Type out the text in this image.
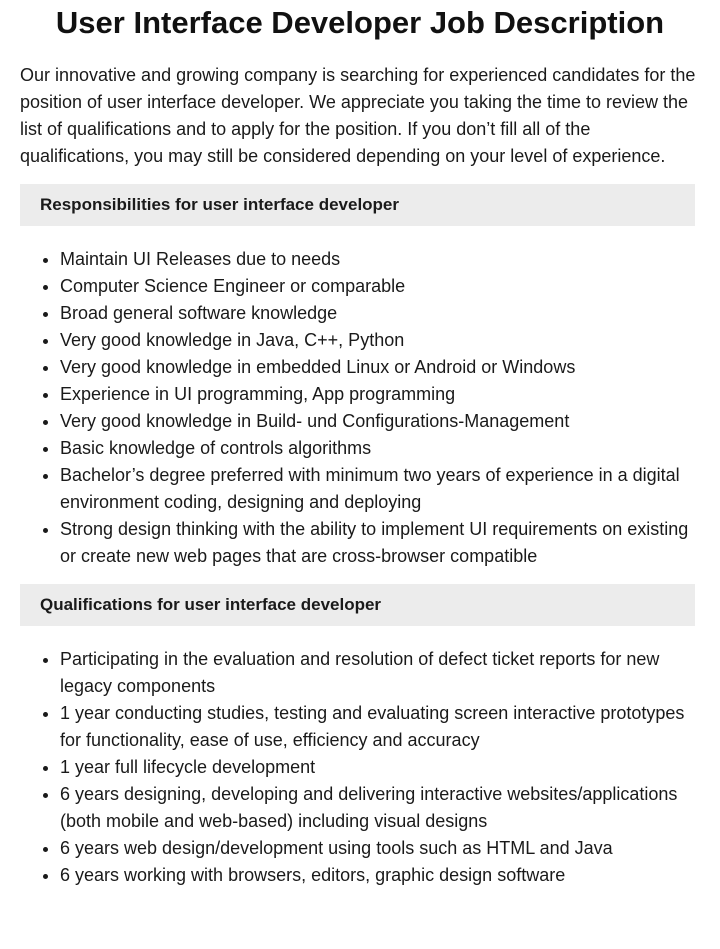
User Interface Developer Job Description

Our innovative and growing company is searching for experienced candidates for the position of user interface developer. We appreciate you taking the time to review the list of qualifications and to apply for the position. If you don’t fill all of the qualifications, you may still be considered depending on your level of experience.

Responsibilities for user interface developer
• Maintain UI Releases due to needs
• Computer Science Engineer or comparable
• Broad general software knowledge
• Very good knowledge in Java, C++, Python
• Very good knowledge in embedded Linux or Android or Windows
• Experience in UI programming, App programming
• Very good knowledge in Build- und Configurations-Management
• Basic knowledge of controls algorithms
• Bachelor’s degree preferred with minimum two years of experience in a digital environment coding, designing and deploying
• Strong design thinking with the ability to implement UI requirements on existing or create new web pages that are cross-browser compatible
Qualifications for user interface developer
• Participating in the evaluation and resolution of defect ticket reports for new legacy components
• 1 year conducting studies, testing and evaluating screen interactive prototypes for functionality, ease of use, efficiency and accuracy
• 1 year full lifecycle development
• 6 years designing, developing and delivering interactive websites/applications (both mobile and web-based) including visual designs
• 6 years web design/development using tools such as HTML and Java
• 6 years working with browsers, editors, graphic design software
